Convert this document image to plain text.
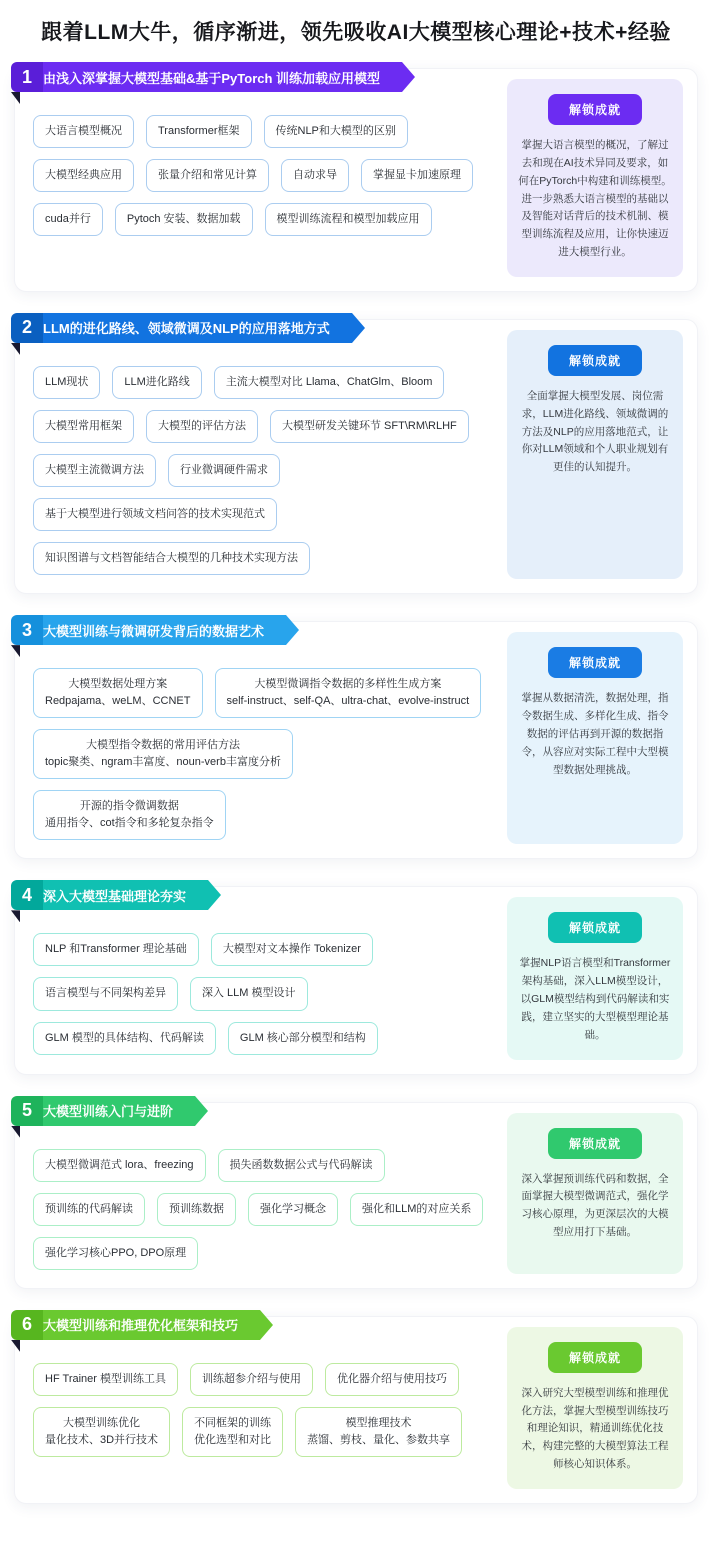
跟着LLM大牛，循序渐进，领先吸收AI大模型核心理论+技术+经验
1 由浅入深掌握大模型基础&基于PyTorch 训练加载应用模型
大语言模型概况	Transformer框架	传统NLP和大模型的区别
大模型经典应用	张量介绍和常见计算	自动求导	掌握显卡加速原理
cuda并行	Pytoch 安装、数据加载	模型训练流程和模型加载应用
解锁成就

掌握大语言模型的概况，了解过去和现在AI技术异同及要求，如何在PyTorch中构建和训练模型。进一步熟悉大语言模型的基础以及智能对话背后的技术机制、模型训练流程及应用，让你快速迈进大模型行业。

2 LLM的进化路线、领域微调及NLP的应用落地方式
LLM现状	LLM进化路线	主流大模型对比 Llama、ChatGlm、Bloom
大模型常用框架	大模型的评估方法	大模型研发关键环节 SFT\RM\RLHF
大模型主流微调方法	行业微调硬件需求
基于大模型进行领域文档问答的技术实现范式
知识图谱与文档智能结合大模型的几种技术实现方法
解锁成就

全面掌握大模型发展、岗位需求，LLM进化路线、领域微调的方法及NLP的应用落地范式，让你对LLM领域和个人职业规划有更佳的认知提升。

3 大模型训练与微调研发背后的数据艺术
大模型数据处理方案
Redpajama、weLM、CCNET
大模型微调指令数据的多样性生成方案
self-instruct、self-QA、ultra-chat、evolve-instruct
大模型指令数据的常用评估方法
topic聚类、ngram丰富度、noun-verb丰富度分析
开源的指令微调数据
通用指令、cot指令和多轮复杂指令
解锁成就

掌握从数据清洗，数据处理，指令数据生成、多样化生成、指令数据的评估再到开源的数据指令，从容应对实际工程中大型模型数据处理挑战。

4 深入大模型基础理论夯实
NLP 和Transformer 理论基础	大模型对文本操作 Tokenizer
语言模型与不同架构差异	深入 LLM 模型设计
GLM 模型的具体结构、代码解读	GLM 核心部分模型和结构
解锁成就

掌握NLP语言模型和Transformer架构基础，深入LLM模型设计，以GLM模型结构到代码解读和实践，建立坚实的大型模型理论基础。

5 大模型训练入门与进阶
大模型微调范式 lora、freezing	损失函数数据公式与代码解读
预训练的代码解读	预训练数据	强化学习概念	强化和LLM的对应关系
强化学习核心PPO, DPO原理
解锁成就

深入掌握预训练代码和数据，全面掌握大模型微调范式，强化学习核心原理，为更深层次的大模型应用打下基础。

6 大模型训练和推理优化框架和技巧
HF Trainer 模型训练工具	训练超参介绍与使用	优化器介绍与使用技巧
大模型训练优化
量化技术、3D并行技术
不同框架的训练
优化选型和对比
模型推理技术
蒸馏、剪枝、量化、参数共享
解锁成就

深入研究大型模型训练和推理优化方法，掌握大型模型训练技巧和理论知识，精通训练优化技术，构建完整的大模型算法工程师核心知识体系。
